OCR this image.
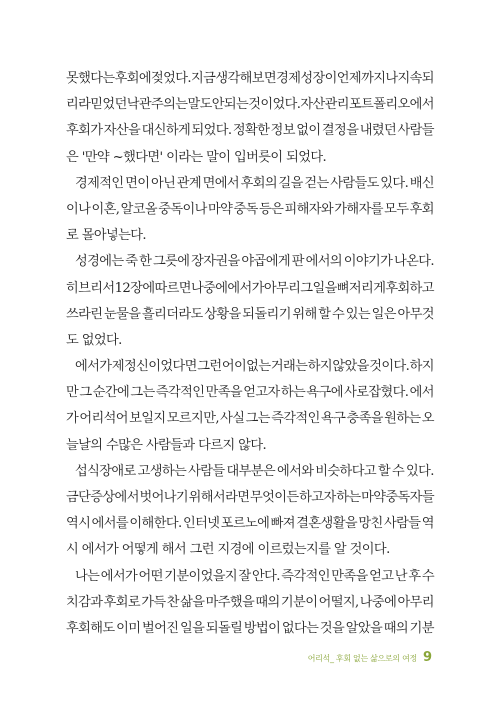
못했다는 후회에 젖었다. 지금 생각해보면 경제 성장이 언제까지나 지속되
리라 믿었던 낙관주의는 말도 안 되는 것이었다. 자산관리 포트폴리오에서
후회가 자산을 대신하게 되었다. 정확한 정보 없이 결정을 내렸던 사람들
은 '만약 ~했다면' 이라는 말이 입버릇이 되었다.
경제적인 면이 아닌 관계 면에서 후회의 길을 걷는 사람들도 있다. 배신
이나 이혼, 알코올 중독이나 마약 중독 등은 피해자와 가해자를 모두 후회
로 몰아넣는다.
성경에는 죽 한 그릇에 장자권을 야곱에게 판 에서의 이야기가 나온다.
히브리서 12장에 따르면 나중에 에서가 아무리 그 일을 뼈저리게 후회하고
쓰라린 눈물을 흘리더라도 상황을 되돌리기 위해 할 수 있는 일은 아무것
도 없었다.
에서가 제정신이었다면 그런 어이없는 거래는 하지 않았을 것이다. 하지
만 그 순간에 그는 즉각적인 만족을 얻고자 하는 욕구에 사로잡혔다. 에서
가 어리석어 보일지 모르지만, 사실 그는 즉각적인 욕구 충족을 원하는 오
늘날의 수많은 사람들과 다르지 않다.
섭식장애로 고생하는 사람들 대부분은 에서와 비슷하다고 할 수 있다.
금단증상에서 벗어나기 위해서라면 무엇이든 하고자 하는 마약중독자들
역시 에서를 이해한다. 인터넷 포르노에 빠져 결혼생활을 망친 사람들 역
시 에서가 어떻게 해서 그런 지경에 이르렀는지를 알 것이다.
나는 에서가 어떤 기분이었을지 잘 안다. 즉각적인 만족을 얻고 난 후 수
치감과 후회로 가득 찬 삶을 마주했을 때의 기분이 어떨지, 나중에 아무리
후회해도 이미 벌어진 일을 되돌릴 방법이 없다는 것을 알았을 때의 기분
어리석_ 후회 없는 삶으로의 여정 9
